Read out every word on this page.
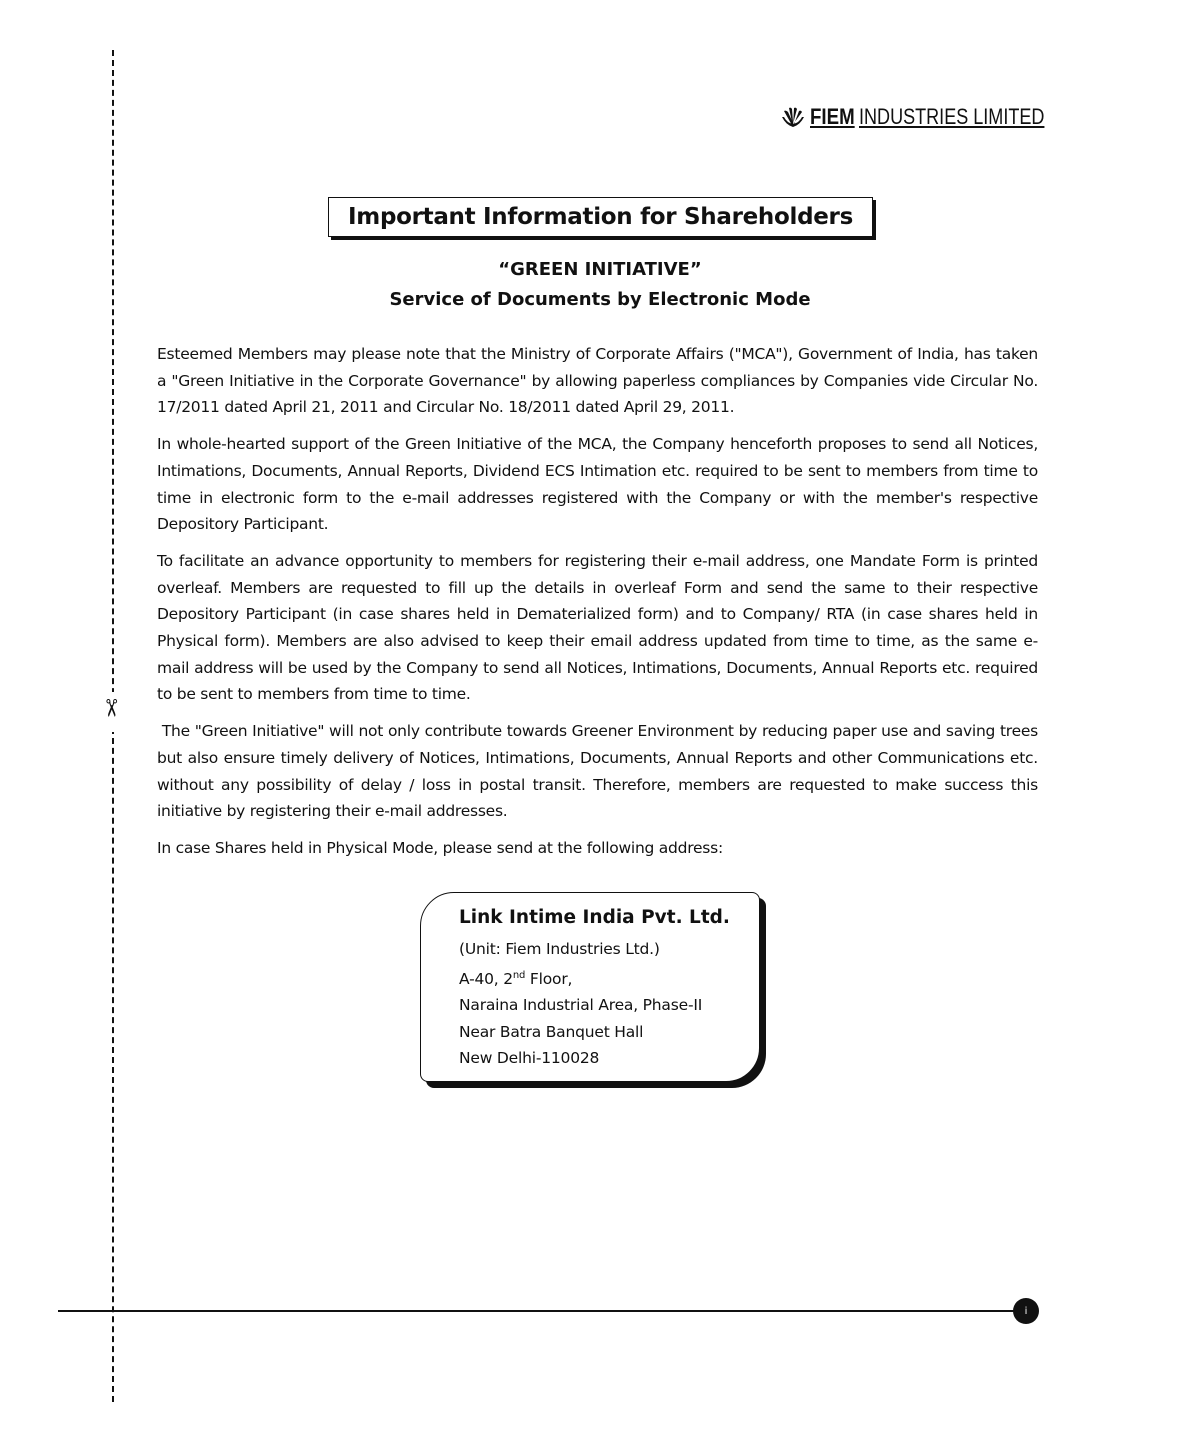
✂
FIEM INDUSTRIES LIMITED
Important Information for Shareholders

“GREEN INITIATIVE”

Service of Documents by Electronic Mode

Esteemed Members may please note that the Ministry of Corporate Affairs ("MCA"), Government of India, has taken a "Green Initiative in the Corporate Governance" by allowing paperless compliances by Companies vide Circular No. 17/2011 dated April 21, 2011 and Circular No. 18/2011 dated April 29, 2011.

In whole-hearted support of the Green Initiative of the MCA, the Company henceforth proposes to send all Notices, Intimations, Documents, Annual Reports, Dividend ECS Intimation etc. required to be sent to members from time to time in electronic form to the e-mail addresses registered with the Company or with the member's respective Depository Participant.

To facilitate an advance opportunity to members for registering their e-mail address, one Mandate Form is printed overleaf. Members are requested to fill up the details in overleaf Form and send the same to their respective Depository Participant (in case shares held in Dematerialized form) and to Company/ RTA (in case shares held in Physical form). Members are also advised to keep their email address updated from time to time, as the same e-mail address will be used by the Company to send all Notices, Intimations, Documents, Annual Reports etc. required to be sent to members from time to time.

The "Green Initiative" will not only contribute towards Greener Environment by reducing paper use and saving trees but also ensure timely delivery of Notices, Intimations, Documents, Annual Reports and other Communications etc. without any possibility of delay / loss in postal transit. Therefore, members are requested to make success this initiative by registering their e-mail addresses.

In case Shares held in Physical Mode, please send at the following address:

Link Intime India Pvt. Ltd.

(Unit: Fiem Industries Ltd.)

A-40, 2nd Floor,

Naraina Industrial Area, Phase-II

Near Batra Banquet Hall

New Delhi-110028

i
